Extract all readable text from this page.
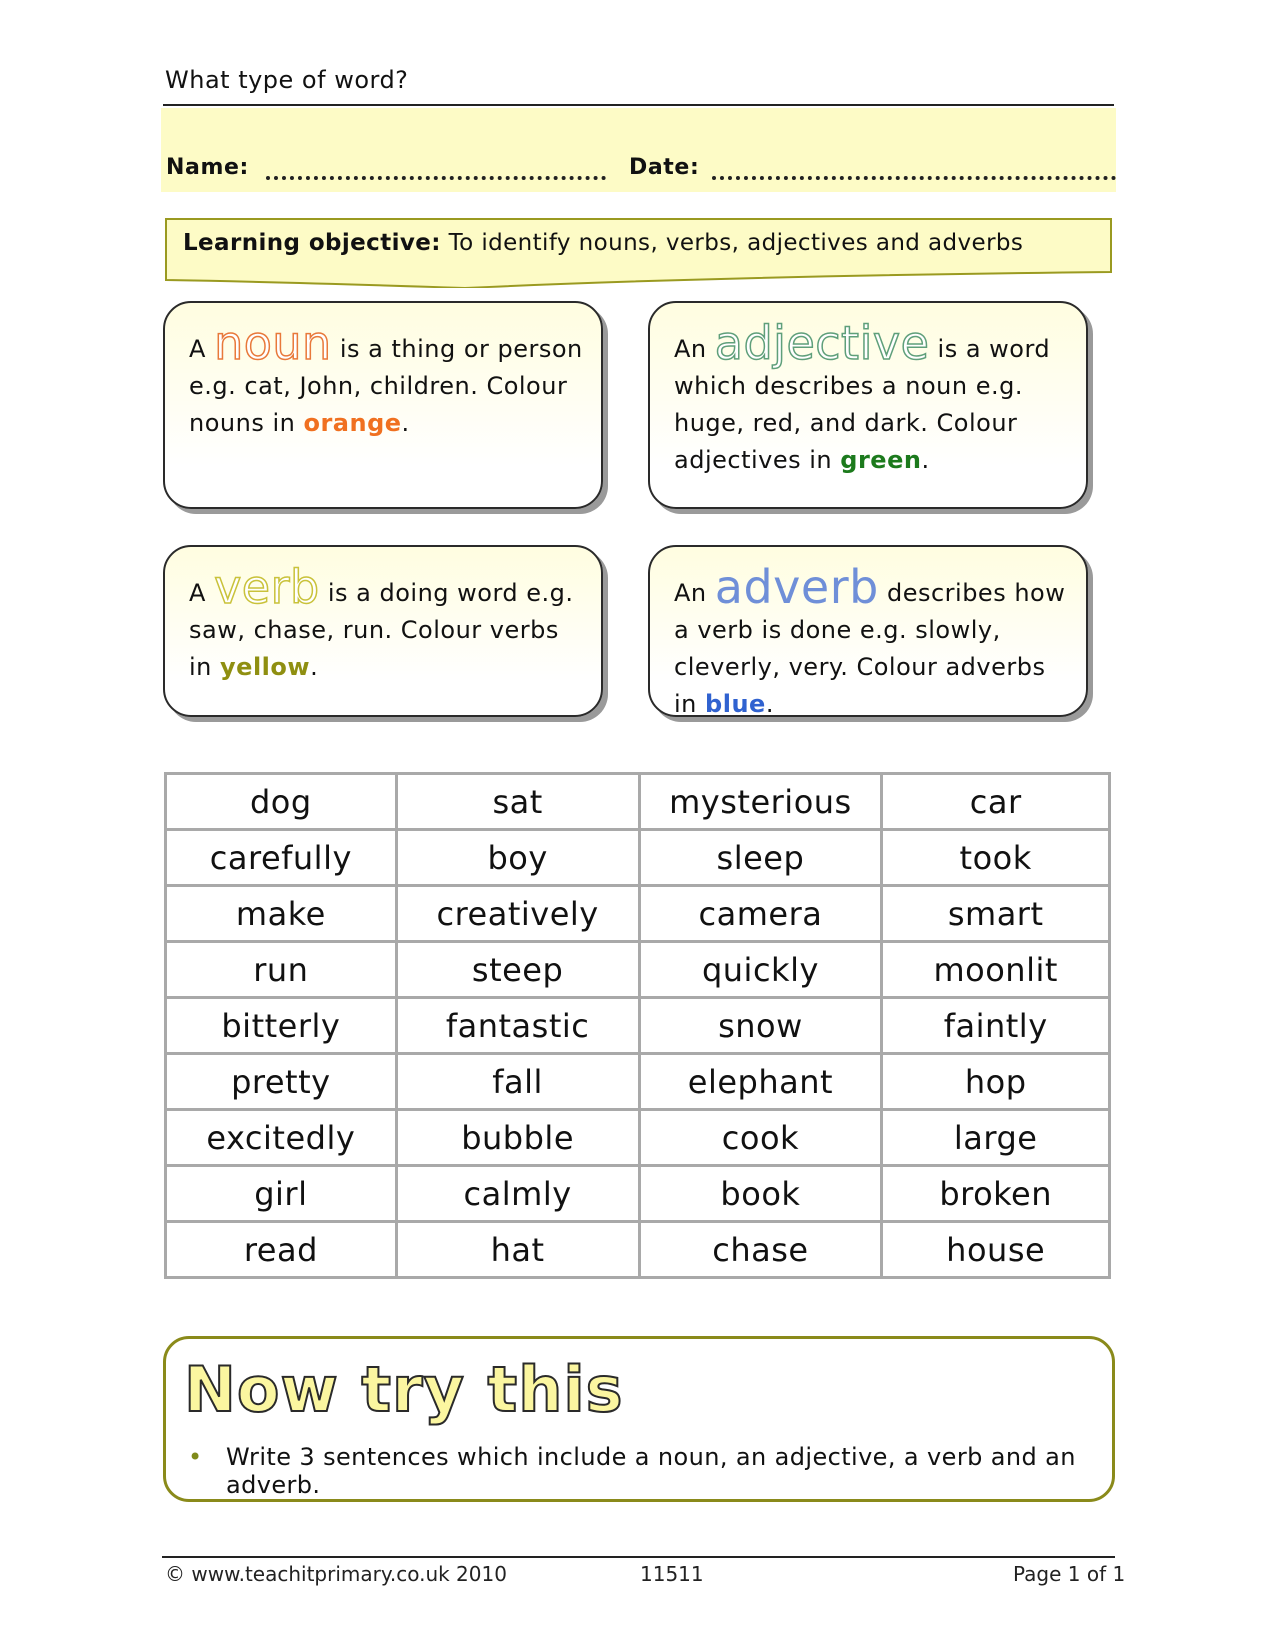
What type of word?
Name:	Date:
Learning objective: To identify nouns, verbs, adjectives and adverbs
A noun is a thing or person e.g. cat, John, children. Colour nouns in orange.
An adjective is a word which describes a noun e.g. huge, red, and dark. Colour adjectives in green.
A verb is a doing word e.g. saw, chase, run. Colour verbs in yellow.
An adverb describes how a verb is done e.g. slowly, cleverly, very. Colour adverbs in blue.
dog	sat	mysterious	car
carefully	boy	sleep	took
make	creatively	camera	smart
run	steep	quickly	moonlit
bitterly	fantastic	snow	faintly
pretty	fall	elephant	hop
excitedly	bubble	cook	large
girl	calmly	book	broken
read	hat	chase	house
Now try this
• Write 3 sentences which include a noun, an adjective, a verb and an adverb.
© www.teachitprimary.co.uk 2010	11511	Page 1 of 1
